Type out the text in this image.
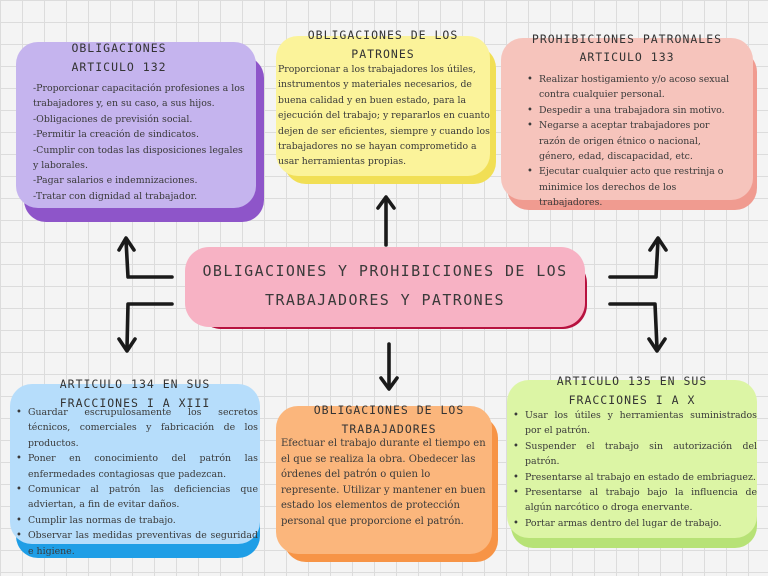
OBLIGACIONES
ARTICULO 132
-Proporcionar capacitación profesiones a los trabajadores y, en su caso, a sus hijos.
-Obligaciones de previsión social.
-Permitir la creación de sindicatos.
-Cumplir con todas las disposiciones legales y laborales.
-Pagar salarios e indemnizaciones.
-Tratar con dignidad al trabajador.
OBLIGACIONES DE LOS
PATRONES

Proporcionar a los trabajadores los útiles, instrumentos y materiales necesarios, de buena calidad y en buen estado, para la ejecución del trabajo; y repararlos en cuanto dejen de ser eficientes, siempre y cuando los trabajadores no se hayan comprometido a usar herramientas propias.

PROHIBICIONES PATRONALES
ARTICULO 133
• Realizar hostigamiento y/o acoso sexual contra cualquier personal.
• Despedir a una trabajadora sin motivo.
• Negarse a aceptar trabajadores por razón de origen étnico o nacional, género, edad, discapacidad, etc.
• Ejecutar cualquier acto que restrinja o minimice los derechos de los trabajadores.
OBLIGACIONES Y PROHIBICIONES DE LOS
TRABAJADORES Y PATRONES
ARTICULO 134 EN SUS
FRACCIONES I A XIII
• Guardar escrupulosamente los secretos técnicos, comerciales y fabricación de los productos.
• Poner en conocimiento del patrón las enfermedades contagiosas que padezcan.
• Comunicar al patrón las deficiencias que adviertan, a fin de evitar daños.
• Cumplir las normas de trabajo.
• Observar las medidas preventivas de seguridad e higiene.
OBLIGACIONES DE LOS
TRABAJADORES

Efectuar el trabajo durante el tiempo en el que se realiza la obra. Obedecer las órdenes del patrón o quien lo represente. Utilizar y mantener en buen estado los elementos de protección personal que proporcione el patrón.

ARTICULO 135 EN SUS
FRACCIONES I A X
• Usar los útiles y herramientas suministrados por el patrón.
• Suspender el trabajo sin autorización del patrón.
• Presentarse al trabajo en estado de embriaguez.
• Presentarse al trabajo bajo la influencia de algún narcótico o droga enervante.
• Portar armas dentro del lugar de trabajo.
